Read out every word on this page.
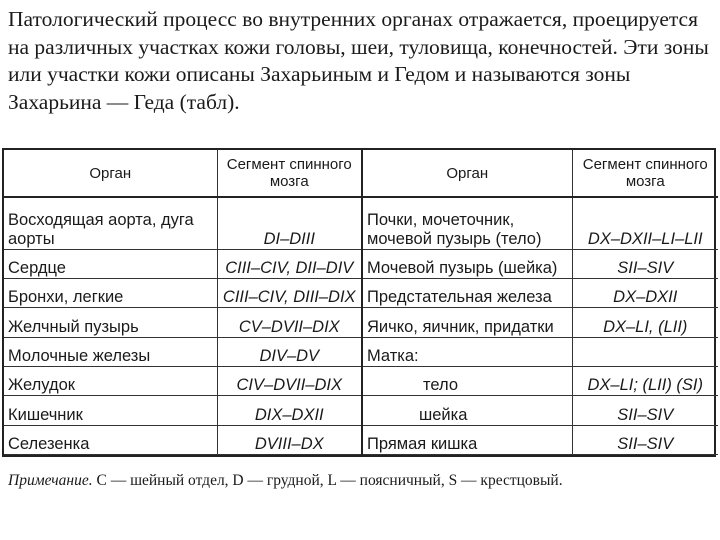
Патологический процесс во внутренних органах отражается, проецируется на различных участках кожи головы, шеи, туловища, конечностей. Эти зоны или участки кожи описаны Захарьиным и Гедом и называются зоны Захарьина — Геда (табл).
Орган	Сегмент спинного мозга	Орган	Сегмент спинного мозга
Восходящая аорта, дуга аорты	DI–DIII	Почки, мочеточник, мочевой пузырь (тело)	DX–DXII–LI–LII
Сердце	CIII–CIV, DII–DIV	Мочевой пузырь (шейка)	SII–SIV
Бронхи, легкие	CIII–CIV, DIII–DIX	Предстательная железа	DX–DXII
Желчный пузырь	CV–DVII–DIX	Яичко, яичник, придатки	DX–LI, (LII)
Молочные железы	DIV–DV	Матка:	
Желудок	CIV–DVII–DIX	тело	DX–LI; (LII) (SI)
Кишечник	DIX–DXII	шейка	SII–SIV
Селезенка	DVIII–DX	Прямая кишка	SII–SIV
Примечание. C — шейный отдел, D — грудной, L — поясничный, S — крестцовый.
